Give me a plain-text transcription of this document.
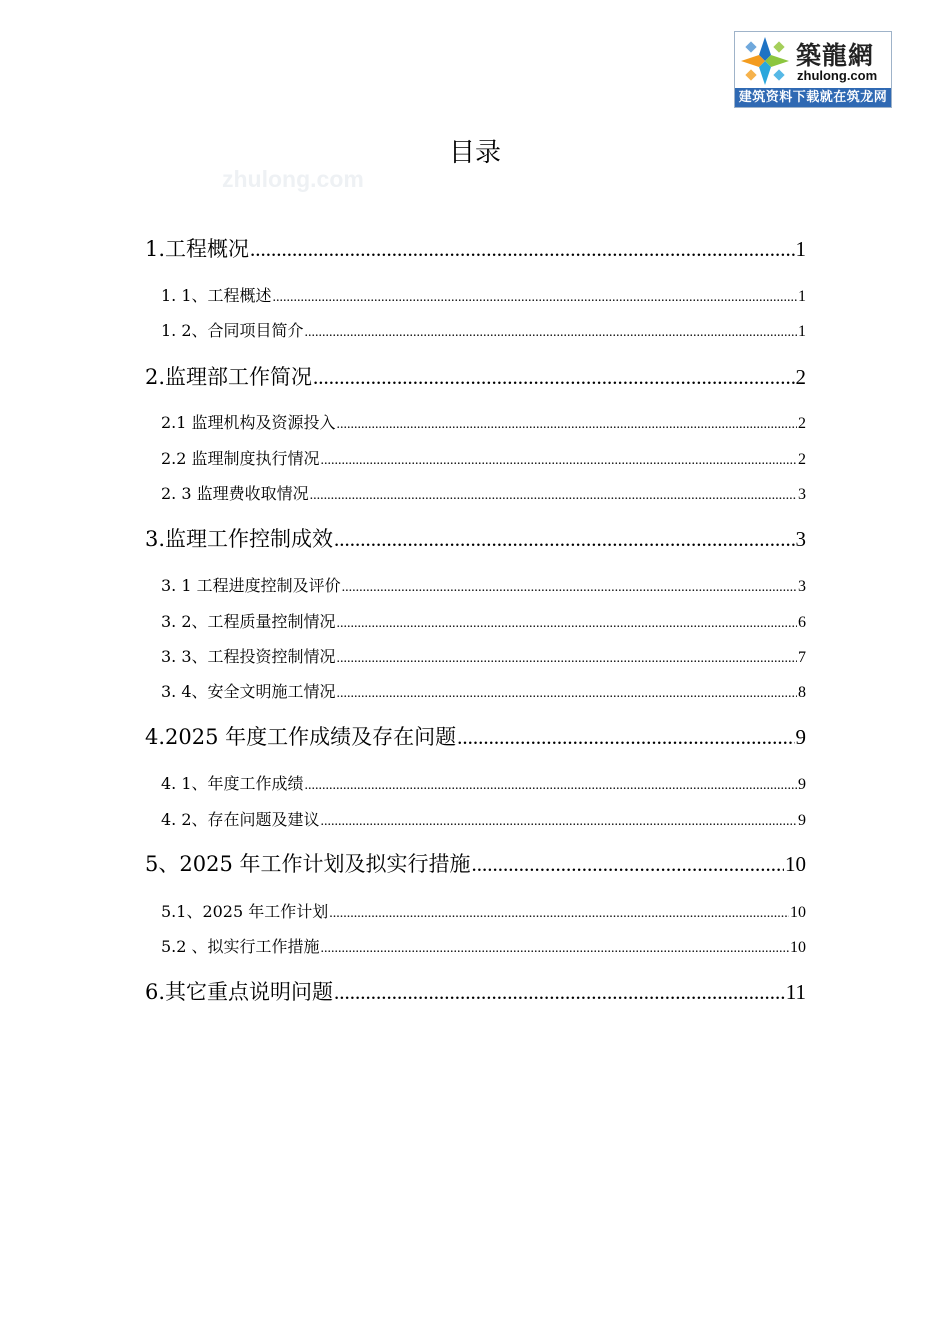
築龍網
zhulong.com
建筑资料下载就在筑龙网
目录
zhulong.com
1.工程概况 .....	1
1. 1、工程概述 .....	1
1. 2、合同项目简介 .....	1
2.监理部工作简况 .....	2
2.1 监理机构及资源投入 .....	2
2.2 监理制度执行情况 .....	2
2. 3 监理费收取情况 .....	3
3.监理工作控制成效 .....	3
3. 1 工程进度控制及评价 .....	3
3. 2、工程质量控制情况 .....	6
3. 3、工程投资控制情况 .....	7
3. 4、安全文明施工情况 .....	8
4.2025 年度工作成绩及存在问题 .....	9
4. 1、年度工作成绩 .....	9
4. 2、存在问题及建议 .....	9
5、2025 年工作计划及拟实行措施 .....	10
5.1、2025 年工作计划 .....	10
5.2 、拟实行工作措施 .....	10
6.其它重点说明问题 .....	11
